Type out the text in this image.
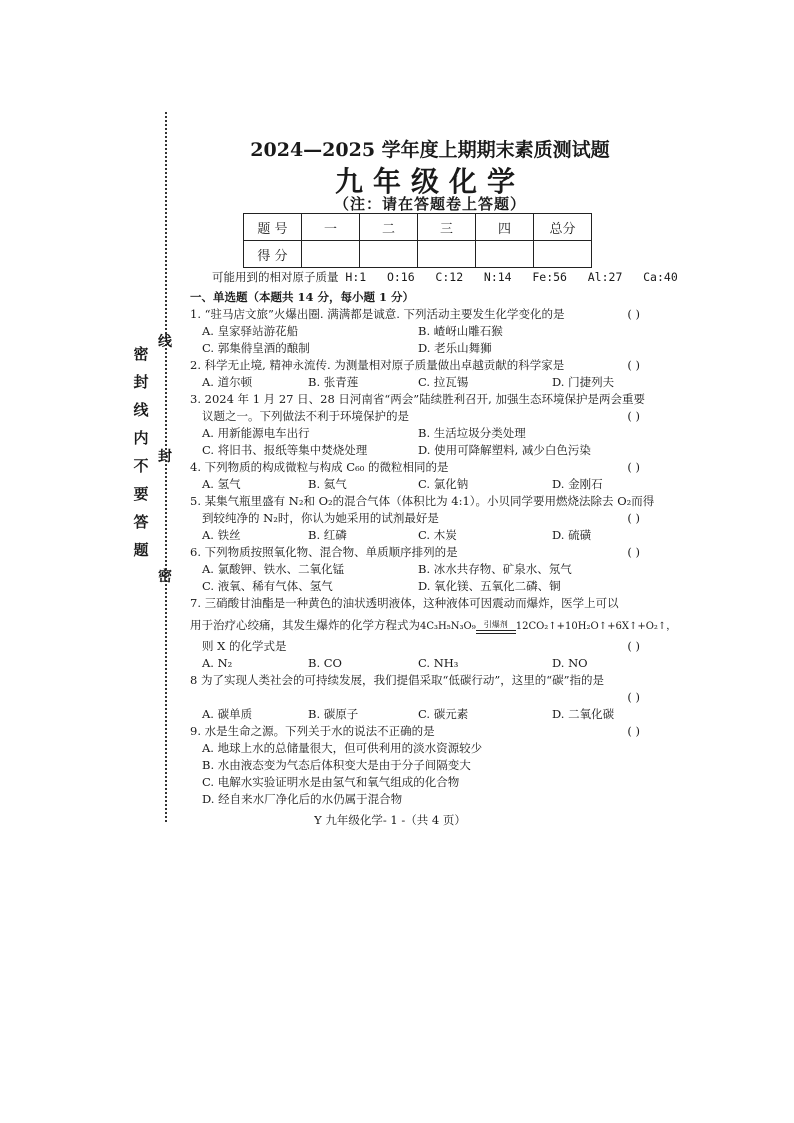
线
封
密
密封线内不要答题
2024—2025 学年度上期期末素质测试题
九年级化学
（注：请在答题卷上答题）
题 号	一	二	三	四	总分
得 分					
可能用到的相对原子质量 H:1   O:16   C:12   N:14   Fe:56   Al:27   Ca:40
一、单选题（本题共 14 分，每小题 1 分）
1. “驻马店文旅”火爆出圈. 满满都是诚意. 下列活动主要发生化学变化的是	( )
A. 皇家驿站游花船	B. 嵖岈山雕石猴
C. 郭集偫皇酒的酿制	D. 老乐山舞狮
2. 科学无止境, 精神永流传. 为测量相对原子质量做出卓越贡献的科学家是	( )
A. 道尔顿	B. 张青莲	C. 拉瓦锡	D. 门捷列夫
3. 2024 年 1 月 27 日、28 日河南省“两会”陆续胜利召开, 加强生态环境保护是两会重要
议题之一。下列做法不利于环境保护的是	( )
A. 用新能源电车出行	B. 生活垃圾分类处理
C. 将旧书、报纸等集中焚烧处理	D. 使用可降解塑料, 减少白色污染
4. 下列物质的构成微粒与构成 C₆₀ 的微粒相同的是	( )
A. 氢气	B. 氦气	C. 氯化钠	D. 金刚石
5. 某集气瓶里盛有 N₂和 O₂的混合气体（体积比为 4:1）。小贝同学要用燃烧法除去 O₂而得
到较纯净的 N₂时，你认为她采用的试剂最好是	( )
A. 铁丝	B. 红磷	C. 木炭	D. 硫磺
6. 下列物质按照氧化物、混合物、单质顺序排列的是	( )
A. 氯酸钾、铁水、二氧化锰	B. 冰水共存物、矿泉水、氖气
C. 液氧、稀有气体、氢气	D. 氧化镁、五氧化二磷、铜
7. 三硝酸甘油酯是一种黄色的油状透明液体，这种液体可因震动而爆炸，医学上可以
用于治疗心绞痛，其发生爆炸的化学方程式为4C₃H₅N₃O₉ 引爆剂 12CO₂↑+10H₂O↑+6X↑+O₂↑，
则 X 的化学式是	( )
A. N₂	B. CO	C. NH₃	D. NO
8 为了实现人类社会的可持续发展，我们提倡采取“低碳行动”，这里的“碳”指的是
( )
A. 碳单质	B. 碳原子	C. 碳元素	D. 二氧化碳
9. 水是生命之源。下列关于水的说法不正确的是	( )
A. 地球上水的总储量很大，但可供利用的淡水资源较少
B. 水由液态变为气态后体积变大是由于分子间隔变大
C. 电解水实验证明水是由氢气和氧气组成的化合物
D. 经自来水厂净化后的水仍属于混合物
Y 九年级化学- 1 -（共 4 页）
